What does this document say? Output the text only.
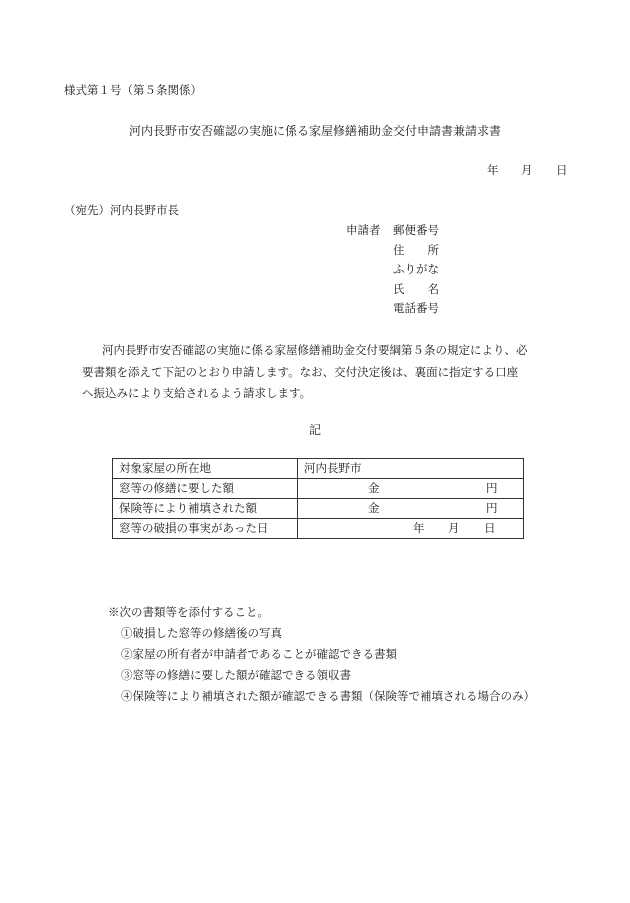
様式第１号（第５条関係）
河内長野市安否確認の実施に係る家屋修繕補助金交付申請書兼請求書
年 月 日
（宛先）河内長野市長
申請者 郵便番号
住　　所
ふりがな
氏　　名
電話番号
河内長野市安否確認の実施に係る家屋修繕補助金交付要綱第５条の規定により、必
要書類を添えて下記のとおり申請します。なお、交付決定後は、裏面に指定する口座
へ振込みにより支給されるよう請求します。
記
対象家屋の所在地	河内長野市
窓等の修繕に要した額	金 円

保険等により補填された額	金 円

窓等の破損の事実があった日	年 月 日
※次の書類等を添付すること。
①破損した窓等の修繕後の写真
②家屋の所有者が申請者であることが確認できる書類
③窓等の修繕に要した額が確認できる領収書
④保険等により補填された額が確認できる書類（保険等で補填される場合のみ）
